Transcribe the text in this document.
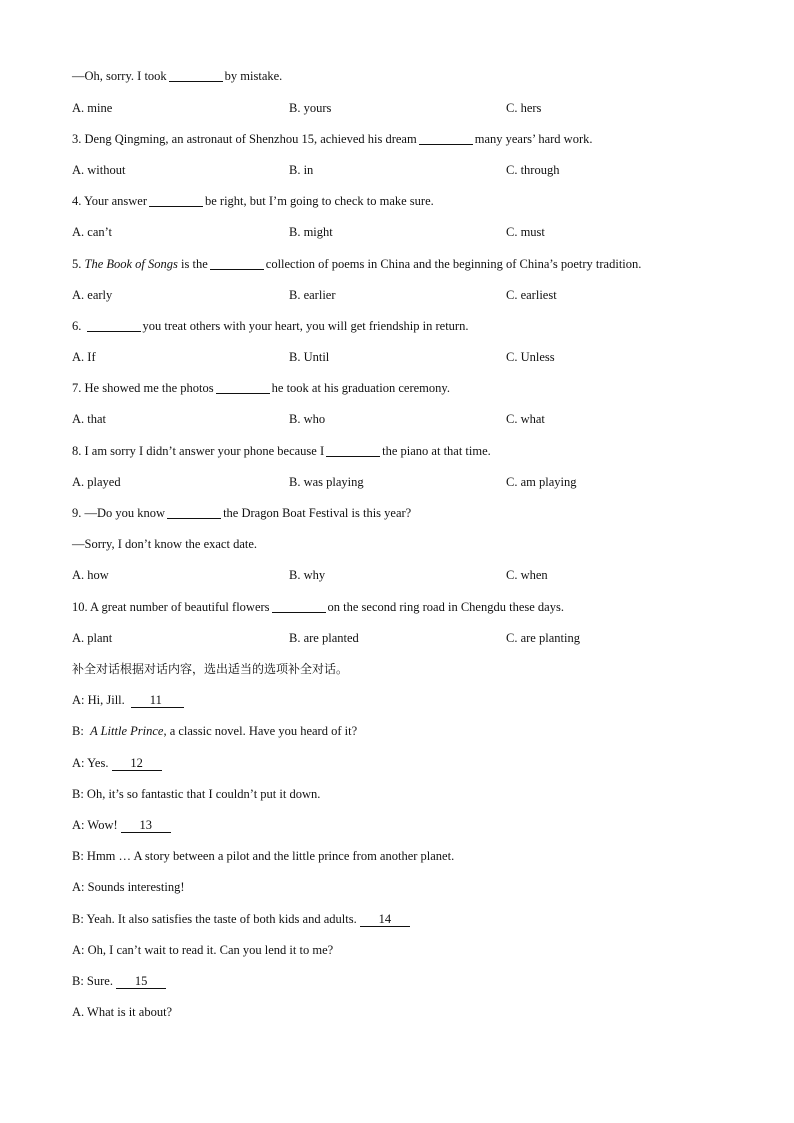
—Oh, sorry. I took	by mistake.
A. mine	B. yours	C. hers
3. Deng Qingming, an astronaut of Shenzhou 15, achieved his dream	many years’ hard work.
A. without	B. in	C. through
4. Your answer	be right, but I’m going to check to make sure.
A. can’t	B. might	C. must
5. The Book of Songs is the	collection of poems in China and the beginning of China’s poetry tradition.
A. early	B. earlier	C. earliest
6.	you treat others with your heart, you will get friendship in return.
A. If	B. Until	C. Unless
7. He showed me the photos	he took at his graduation ceremony.
A. that	B. who	C. what
8. I am sorry I didn’t answer your phone because I	the piano at that time.
A. played	B. was playing	C. am playing
9. —Do you know	the Dragon Boat Festival is this year?
—Sorry, I don’t know the exact date.
A. how	B. why	C. when
10. A great number of beautiful flowers	on the second ring road in Chengdu these days.
A. plant	B. are planted	C. are planting
补全对话根据对话内容，选出适当的选项补全对话。
A: Hi, Jill. 11
B: A Little Prince, a classic novel. Have you heard of it?
A: Yes. 12
B: Oh, it’s so fantastic that I couldn’t put it down.
A: Wow! 13
B: Hmm … A story between a pilot and the little prince from another planet.
A: Sounds interesting!
B: Yeah. It also satisfies the taste of both kids and adults. 14
A: Oh, I can’t wait to read it. Can you lend it to me?
B: Sure. 15
A. What is it about?
